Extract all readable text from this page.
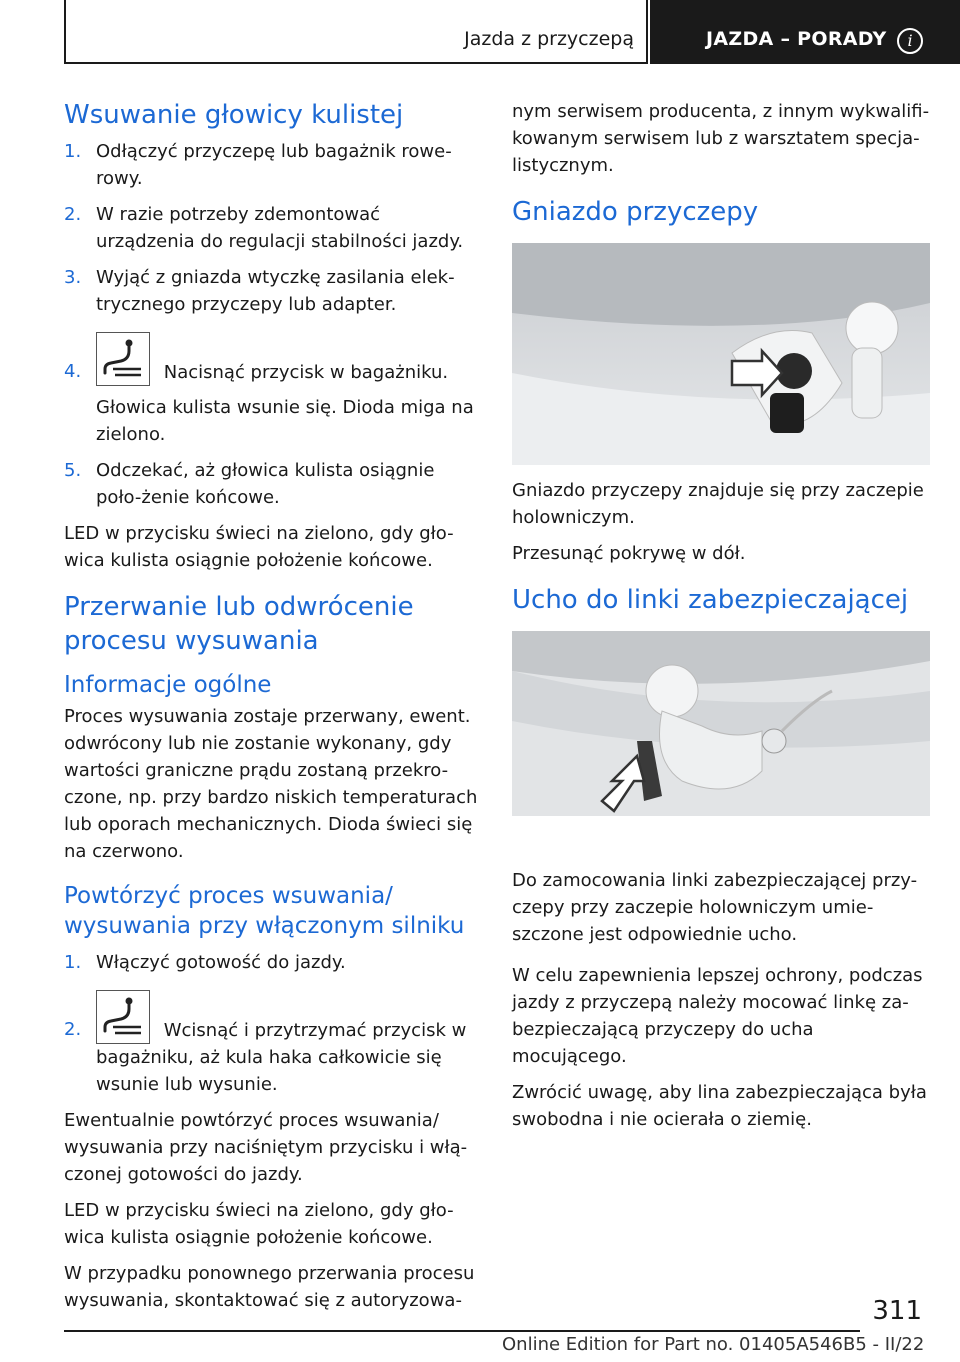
Jazda z przyczepą	JAZDA – PORADY	i
Wsuwanie głowicy kulistej
1. Odłączyć przyczepę lub bagażnik rowe-rowy.
2. W razie potrzeby zdemontować urządzenia do regulacji stabilności jazdy.
3. Wyjąć z gniazda wtyczkę zasilania elek-trycznego przyczepy lub adapter.
4.	Nacisnąć przycisk w bagażniku.

Głowica kulista wsunie się. Dioda miga na zielono.

5. Odczekać, aż głowica kulista osiągnie poło-żenie końcowe.

LED w przycisku świeci na zielono, gdy gło-wica kulista osiągnie położenie końcowe.

Przerwanie lub odwrócenie procesu wysuwania
Informacje ogólne

Proces wysuwania zostaje przerwany, ewent. odwrócony lub nie zostanie wykonany, gdy wartości graniczne prądu zostaną przekro-czone, np. przy bardzo niskich temperaturach lub oporach mechanicznych. Dioda świeci się na czerwono.

Powtórzyć proces wsuwania/ wysuwania przy włączonym silniku
1. Włączyć gotowość do jazdy.
2.	Wcisnąć i przytrzymać przycisk w bagażniku, aż kula haka całkowicie się wsunie lub wysunie.

Ewentualnie powtórzyć proces wsuwania/ wysuwania przy naciśniętym przycisku i włą-czonej gotowości do jazdy.

LED w przycisku świeci na zielono, gdy gło-wica kulista osiągnie położenie końcowe.

W przypadku ponownego przerwania procesu wysuwania, skontaktować się z autoryzowa-

nym serwisem producenta, z innym wykwalifi-kowanym serwisem lub z warsztatem specja-listycznym.

Gniazdo przyczepy

Gniazdo przyczepy znajduje się przy zaczepie holowniczym.

Przesunąć pokrywę w dół.

Ucho do linki zabezpieczającej

Do zamocowania linki zabezpieczającej przy-czepy przy zaczepie holowniczym umie-szczone jest odpowiednie ucho.

W celu zapewnienia lepszej ochrony, podczas jazdy z przyczepą należy mocować linkę za-bezpieczającą przyczepy do ucha mocującego.

Zwrócić uwagę, aby lina zabezpieczająca była swobodna i nie ocierała o ziemię.

311
Online Edition for Part no. 01405A546B5 - II/22
